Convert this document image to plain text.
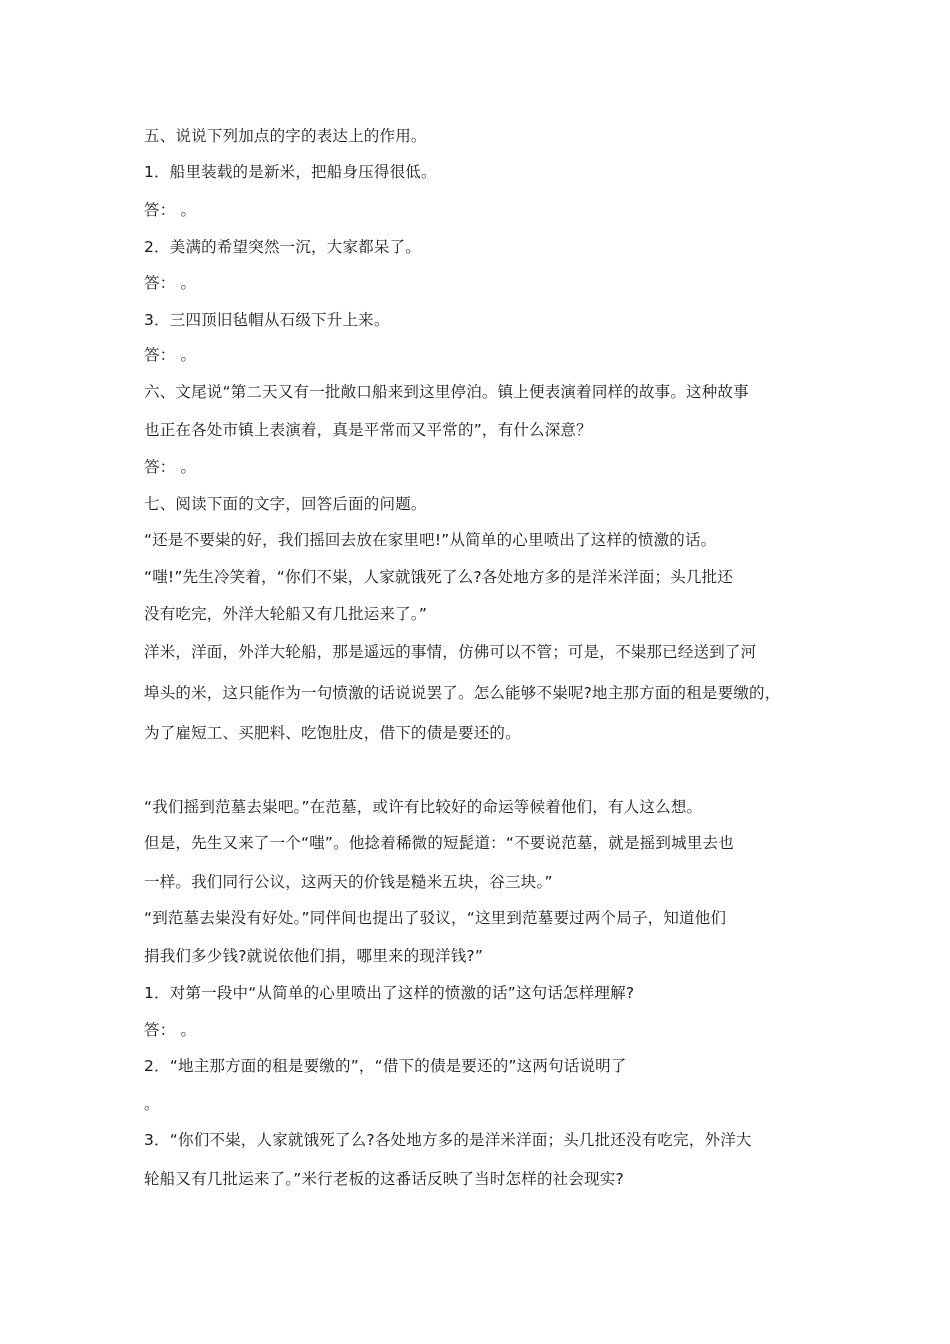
五、说说下列加点的字的表达上的作用。
1．船里装载的是新米，把船身压得很低。
答： 。
2．美满的希望突然一沉，大家都呆了。
答： 。
3．三四顶旧毡帽从石级下升上来。
答： 。
六、文尾说“第二天又有一批敞口船来到这里停泊。镇上便表演着同样的故事。这种故事
也正在各处市镇上表演着，真是平常而又平常的”，有什么深意？
答： 。
七、阅读下面的文字，回答后面的问题。
“还是不要粜的好，我们摇回去放在家里吧!”从简单的心里喷出了这样的愤激的话。
“嗤!”先生冷笑着，“你们不粜，人家就饿死了么?各处地方多的是洋米洋面；头几批还
没有吃完，外洋大轮船又有几批运来了。”
洋米，洋面，外洋大轮船，那是遥远的事情，仿佛可以不管；可是，不粜那已经送到了河
埠头的米，这只能作为一句愤激的话说说罢了。怎么能够不粜呢?地主那方面的租是要缴的，
为了雇短工、买肥料、吃饱肚皮，借下的债是要还的。
“我们摇到范墓去粜吧。”在范墓，或许有比较好的命运等候着他们，有人这么想。
但是，先生又来了一个“嗤”。他捻着稀微的短髭道：“不要说范墓，就是摇到城里去也
一样。我们同行公议，这两天的价钱是糙米五块，谷三块。”
“到范墓去粜没有好处。”同伴间也提出了驳议，“这里到范墓要过两个局子，知道他们
捐我们多少钱?就说依他们捐，哪里来的现洋钱?”
1．对第一段中“从简单的心里喷出了这样的愤激的话”这句话怎样理解?
答： 。
2．“地主那方面的租是要缴的”，“借下的债是要还的”这两句话说明了
。
3．“你们不粜，人家就饿死了么?各处地方多的是洋米洋面；头几批还没有吃完，外洋大
轮船又有几批运来了。”米行老板的这番话反映了当时怎样的社会现实?
